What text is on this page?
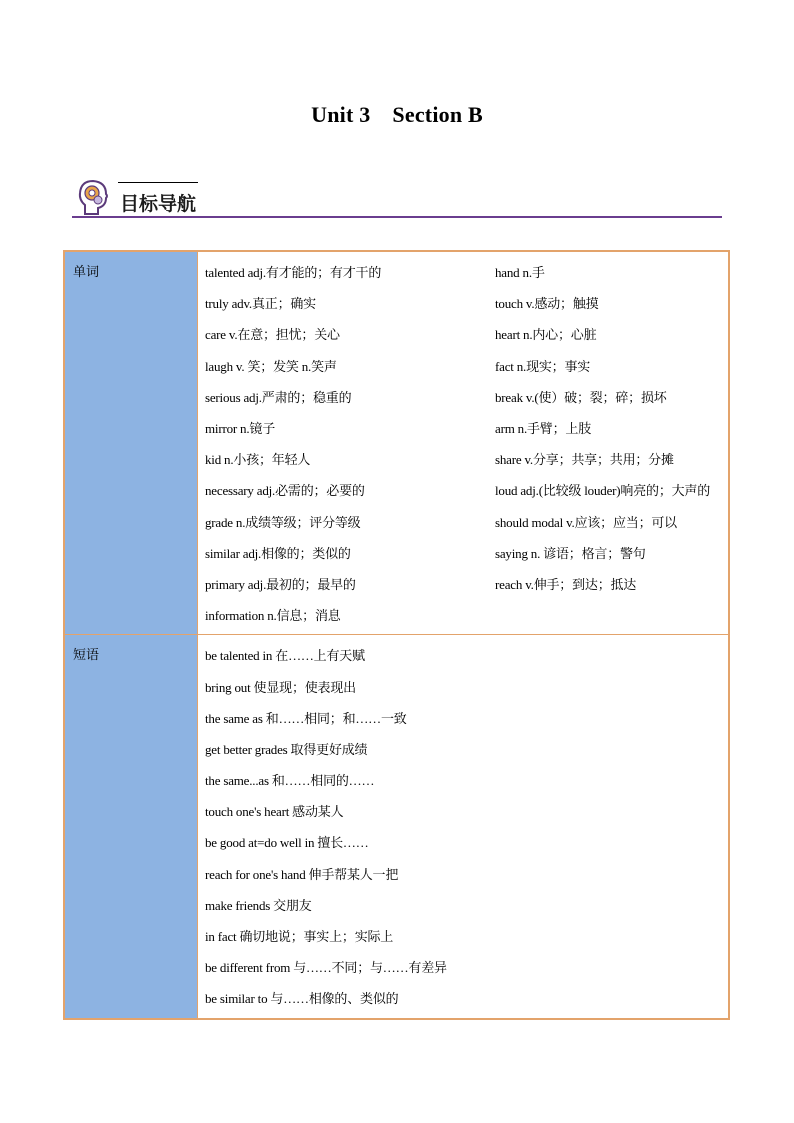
Unit 3 Section B
目标导航
单词	talented adj.有才能的；有才干的	hand n.手
truly adv.真正；确实	touch v.感动；触摸
care v.在意；担忧；关心	heart n.内心；心脏
laugh v. 笑；发笑 n.笑声	fact n.现实；事实
serious adj.严肃的；稳重的	break v.(使）破；裂；碎；损坏
mirror n.镜子	arm n.手臂；上肢
kid n.小孩；年轻人	share v.分享；共享；共用；分摊
necessary adj.必需的；必要的	loud adj.(比较级 louder)响亮的；大声的
grade n.成绩等级；评分等级	should modal v.应该；应当；可以
similar adj.相像的；类似的	saying n. 谚语；格言；警句
primary adj.最初的；最早的	reach v.伸手；到达；抵达
information n.信息；消息
短语	be talented in 在……上有天赋
bring out 使显现；使表现出
the same as 和……相同；和……一致
get better grades 取得更好成绩
the same...as 和……相同的……
touch one's heart 感动某人
be good at=do well in 擅长……
reach for one's hand 伸手帮某人一把
make friends 交朋友
in fact 确切地说；事实上；实际上
be different from 与……不同；与……有差异
be similar to 与……相像的、类似的
